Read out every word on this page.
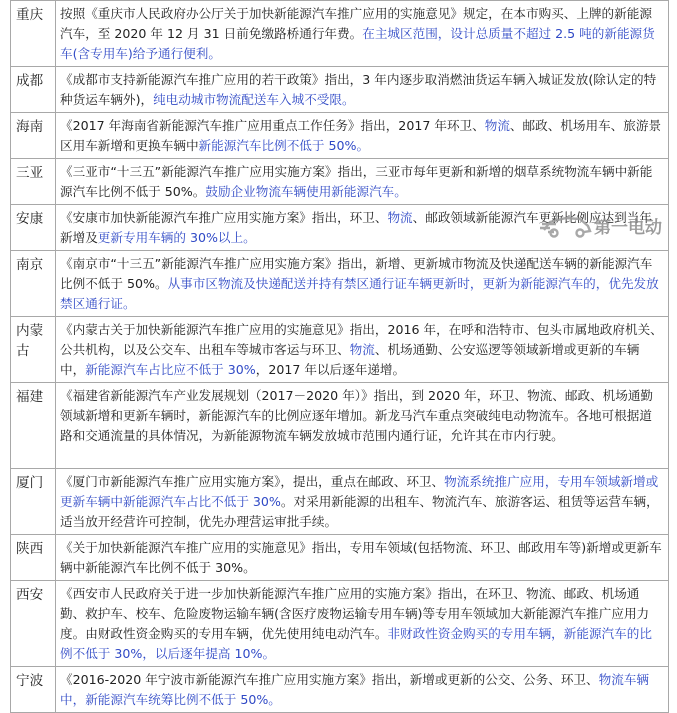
重庆	按照《重庆市人民政府办公厅关于加快新能源汽车推广应用的实施意见》规定，在本市购买、上牌的新能源汽车，至 2020 年 12 月 31 日前免缴路桥通行年费。在主城区范围，设计总质量不超过 2.5 吨的新能源货车(含专用车)给予通行便利。
成都	《成都市支持新能源汽车推广应用的若干政策》指出，3 年内逐步取消燃油货运车辆入城证发放(除认定的特种货运车辆外)，纯电动城市物流配送车入城不受限。
海南	《2017 年海南省新能源汽车推广应用重点工作任务》指出，2017 年环卫、物流、邮政、机场用车、旅游景区用车新增和更换车辆中新能源汽车比例不低于 50%。
三亚	《三亚市“十三五”新能源汽车推广应用实施方案》指出，三亚市每年更新和新增的烟草系统物流车辆中新能源汽车比例不低于 50%。鼓励企业物流车辆使用新能源汽车。
安康	《安康市加快新能源汽车推广应用实施方案》指出，环卫、物流、邮政领域新能源汽车更新比例应达到当年新增及更新专用车辆的 30%以上。
南京	《南京市“十三五”新能源汽车推广应用实施方案》指出，新增、更新城市物流及快递配送车辆的新能源汽车比例不低于 50%。从事市区物流及快递配送并持有禁区通行证车辆更新时，更新为新能源汽车的，优先发放禁区通行证。
内蒙古	《内蒙古关于加快新能源汽车推广应用的实施意见》指出，2016 年，在呼和浩特市、包头市属地政府机关、公共机构，以及公交车、出租车等城市客运与环卫、物流、机场通勤、公安巡逻等领域新增或更新的车辆中，新能源汽车占比应不低于 30%，2017 年以后逐年递增。
福建	《福建省新能源汽车产业发展规划（2017－2020 年）》指出，到 2020 年，环卫、物流、邮政、机场通勤领域新增和更新车辆时，新能源汽车的比例应逐年增加。新龙马汽车重点突破纯电动物流车。各地可根据道路和交通流量的具体情况，为新能源物流车辆发放城市范围内通行证，允许其在市内行驶。
厦门	《厦门市新能源汽车推广应用实施方案》，提出，重点在邮政、环卫、物流系统推广应用，专用车领域新增或更新车辆中新能源汽车占比不低于 30%。对采用新能源的出租车、物流汽车、旅游客运、租赁等运营车辆，适当放开经营许可控制，优先办理营运审批手续。
陕西	《关于加快新能源汽车推广应用的实施意见》指出，专用车领域(包括物流、环卫、邮政用车等)新增或更新车辆中新能源汽车比例不低于 30%。
西安	《西安市人民政府关于进一步加快新能源汽车推广应用的实施方案》指出，在环卫、物流、邮政、机场通勤、救护车、校车、危险废物运输车辆(含医疗废物运输专用车辆)等专用车领域加大新能源汽车推广应用力度。由财政性资金购买的专用车辆，优先使用纯电动汽车。非财政性资金购买的专用车辆，新能源汽车的比例不低于 30%，以后逐年提高 10%。
宁波	《2016-2020 年宁波市新能源汽车推广应用实施方案》指出，新增或更新的公交、公务、环卫、物流车辆中，新能源汽车统筹比例不低于 50%。
第一电动
